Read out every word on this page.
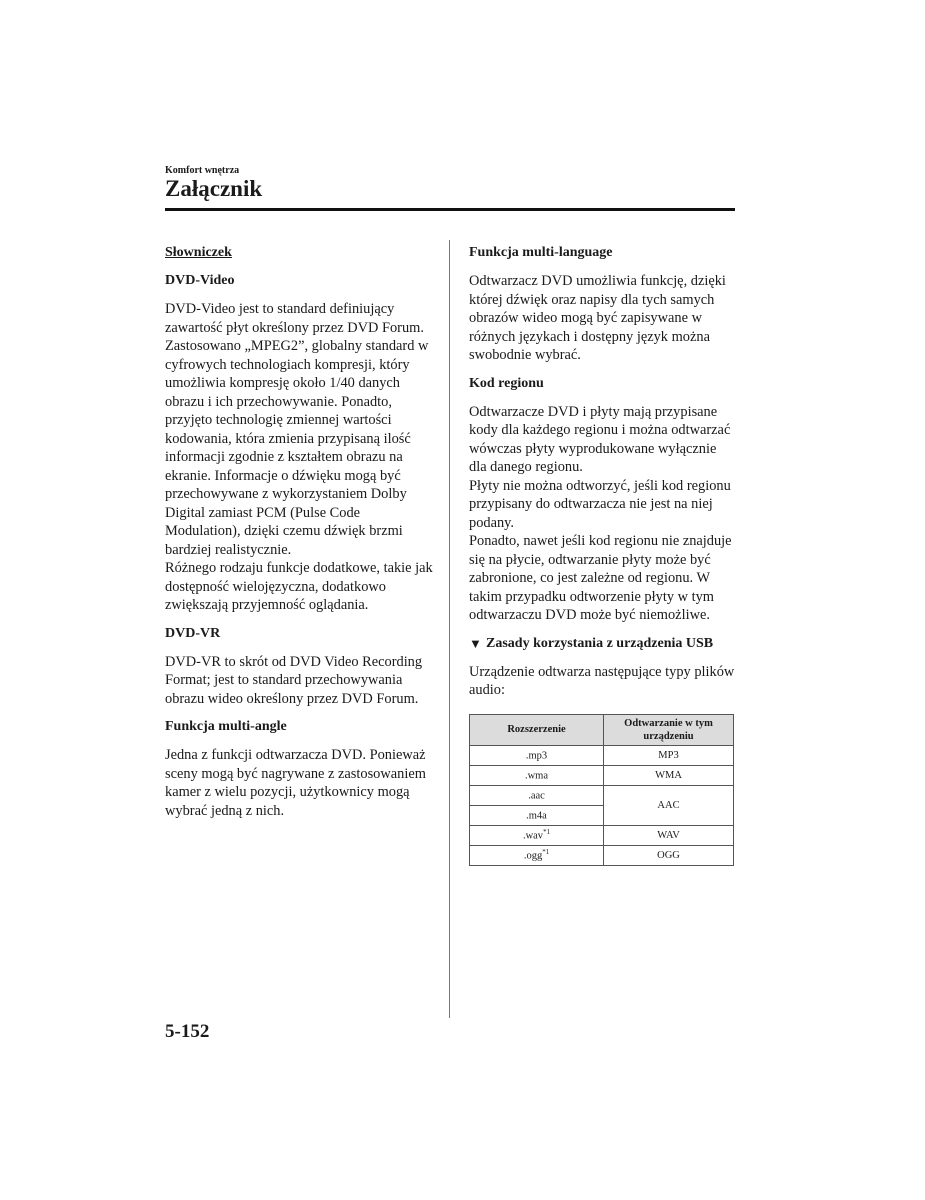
Komfort wnętrza
Załącznik
Słowniczek
DVD-Video

DVD-Video jest to standard definiujący zawartość płyt określony przez DVD Forum.
Zastosowano „MPEG2”, globalny standard w cyfrowych technologiach kompresji, który umożliwia kompresję około 1/40 danych obrazu i ich przechowywanie. Ponadto, przyjęto technologię zmiennej wartości kodowania, która zmienia przypisaną ilość informacji zgodnie z kształtem obrazu na ekranie. Informacje o dźwięku mogą być przechowywane z wykorzystaniem Dolby Digital zamiast PCM (Pulse Code Modulation), dzięki czemu dźwięk brzmi bardziej realistycznie.
Różnego rodzaju funkcje dodatkowe, takie jak dostępność wielojęzyczna, dodatkowo zwiększają przyjemność oglądania.

DVD-VR

DVD-VR to skrót od DVD Video Recording Format; jest to standard przechowywania obrazu wideo określony przez DVD Forum.

Funkcja multi-angle

Jedna z funkcji odtwarzacza DVD. Ponieważ sceny mogą być nagrywane z zastosowaniem kamer z wielu pozycji, użytkownicy mogą wybrać jedną z nich.

Funkcja multi-language

Odtwarzacz DVD umożliwia funkcję, dzięki której dźwięk oraz napisy dla tych samych obrazów wideo mogą być zapisywane w różnych językach i dostępny język można swobodnie wybrać.

Kod regionu

Odtwarzacze DVD i płyty mają przypisane kody dla każdego regionu i można odtwarzać wówczas płyty wyprodukowane wyłącznie dla danego regionu.
Płyty nie można odtworzyć, jeśli kod regionu przypisany do odtwarzacza nie jest na niej podany.
Ponadto, nawet jeśli kod regionu nie znajduje się na płycie, odtwarzanie płyty może być zabronione, co jest zależne od regionu. W takim przypadku odtworzenie płyty w tym odtwarzaczu DVD może być niemożliwe.

▼ Zasady korzystania z urządzenia USB

Urządzenie odtwarza następujące typy plików audio:

Rozszerzenie	Odtwarzanie w tym urządzeniu
.mp3	MP3
.wma	WMA
.aac	AAC
.m4a	
.wav$^{*1}$	WAV
.ogg$^{*1}$	OGG
5-152
